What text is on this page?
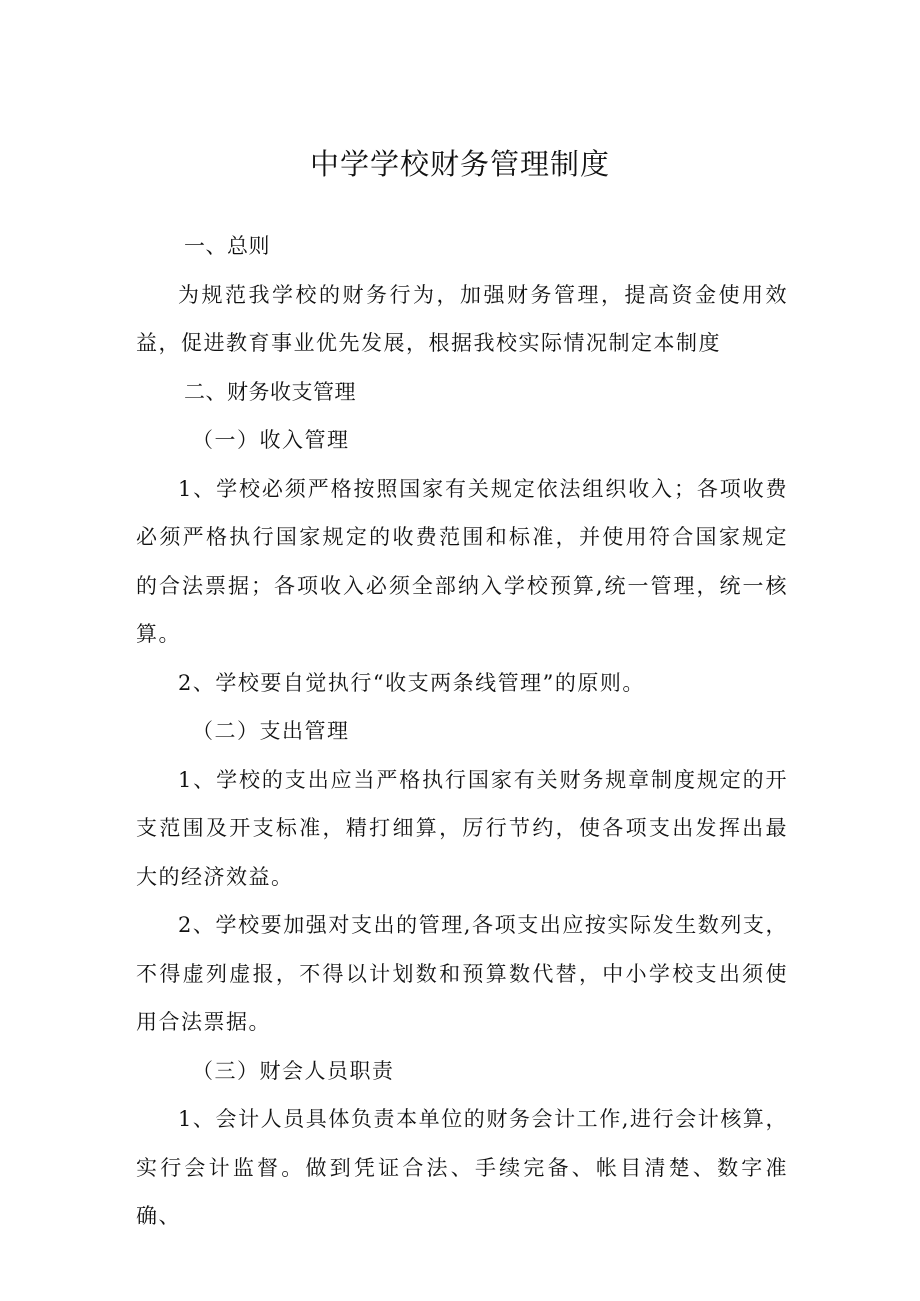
中学学校财务管理制度

一、总则

为规范我学校的财务行为，加强财务管理，提高资金使用效益，促进教育事业优先发展，根据我校实际情况制定本制度

二、财务收支管理

（一）收入管理

1、学校必须严格按照国家有关规定依法组织收入；各项收费必须严格执行国家规定的收费范围和标准，并使用符合国家规定的合法票据；各项收入必须全部纳入学校预算,统一管理，统一核算。

2、学校要自觉执行“收支两条线管理”的原则。

（二）支出管理

1、学校的支出应当严格执行国家有关财务规章制度规定的开支范围及开支标准，精打细算，厉行节约，使各项支出发挥出最大的经济效益。

2、学校要加强对支出的管理,各项支出应按实际发生数列支，不得虚列虚报，不得以计划数和预算数代替，中小学校支出须使用合法票据。

（三）财会人员职责

1、会计人员具体负责本单位的财务会计工作,进行会计核算，实行会计监督。做到凭证合法、手续完备、帐目清楚、数字准确、
